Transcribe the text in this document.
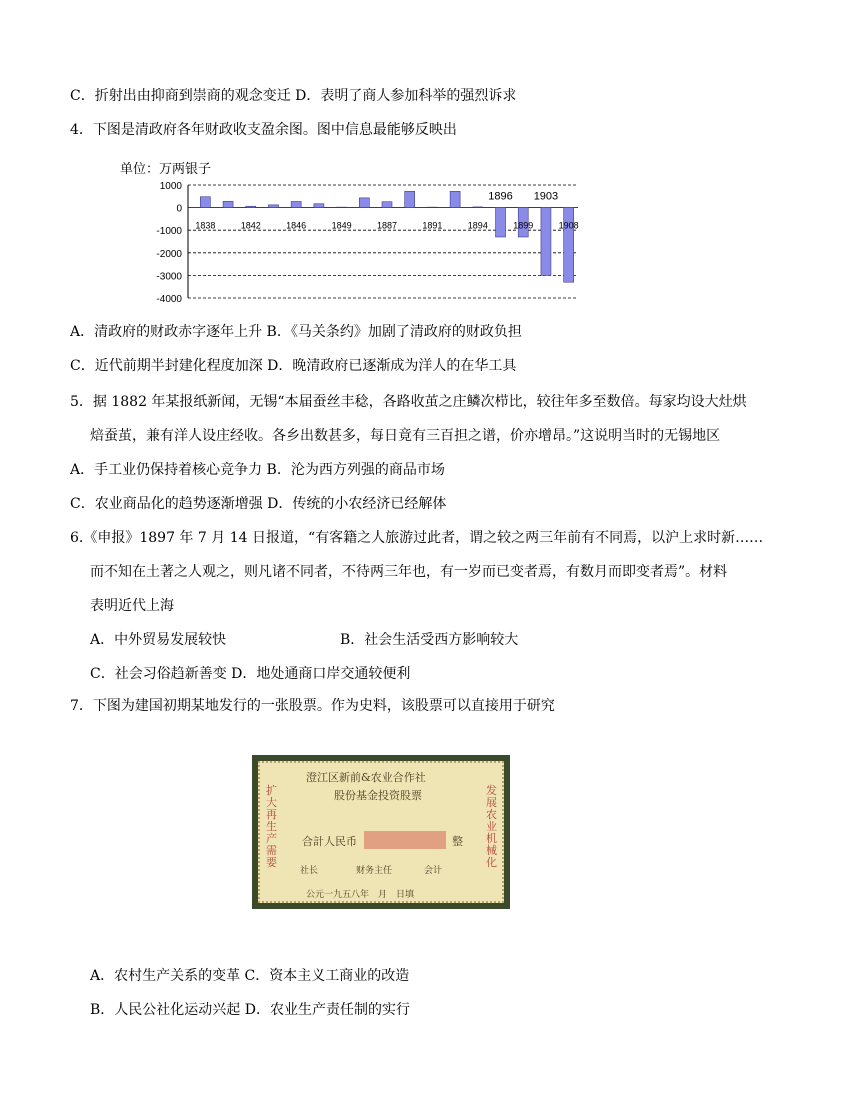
C．折射出由抑商到崇商的观念变迁 D．表明了商人参加科举的强烈诉求
4．下图是清政府各年财政收支盈余图。图中信息最能够反映出
单位：万两银子
1000
0
-1000
-2000
-3000
-4000
1838	1842	1846	1849	1887	1891	1894	1899	1908
1896 1903
A．清政府的财政赤字逐年上升 B．《马关条约》加剧了清政府的财政负担
C．近代前期半封建化程度加深 D．晚清政府已逐渐成为洋人的在华工具
5．据 1882 年某报纸新闻，无锡“本届蚕丝丰稔，各路收茧之庄鳞次栉比，较往年多至数倍。每家均设大灶烘
焙蚕茧，兼有洋人设庄经收。各乡出数甚多，每日竟有三百担之谱，价亦增昂。”这说明当时的无锡地区
A．手工业仍保持着核心竞争力 B．沦为西方列强的商品市场
C．农业商品化的趋势逐渐增强 D．传统的小农经济已经解体
6.《申报》1897 年 7 月 14 日报道，“有客籍之人旅游过此者，谓之较之两三年前有不同焉，以沪上求时新……
而不知在土著之人观之，则凡诸不同者，不待两三年也，有一岁而已变者焉，有数月而即变者焉”。材料
表明近代上海
A．中外贸易发展较快	B．社会生活受西方影响较大
C．社会习俗趋新善变 D．地处通商口岸交通较便利
7．下图为建国初期某地发行的一张股票。作为史料，该股票可以直接用于研究
澄江区新前&农业合作社
股份基金投资股票
扩大再生产需要
发展农业机械化
合計人民币	整
社长	财务主任	会计
公元一九五八年　月　日填
A．农村生产关系的变革 C．资本主义工商业的改造
B．人民公社化运动兴起 D．农业生产责任制的实行
